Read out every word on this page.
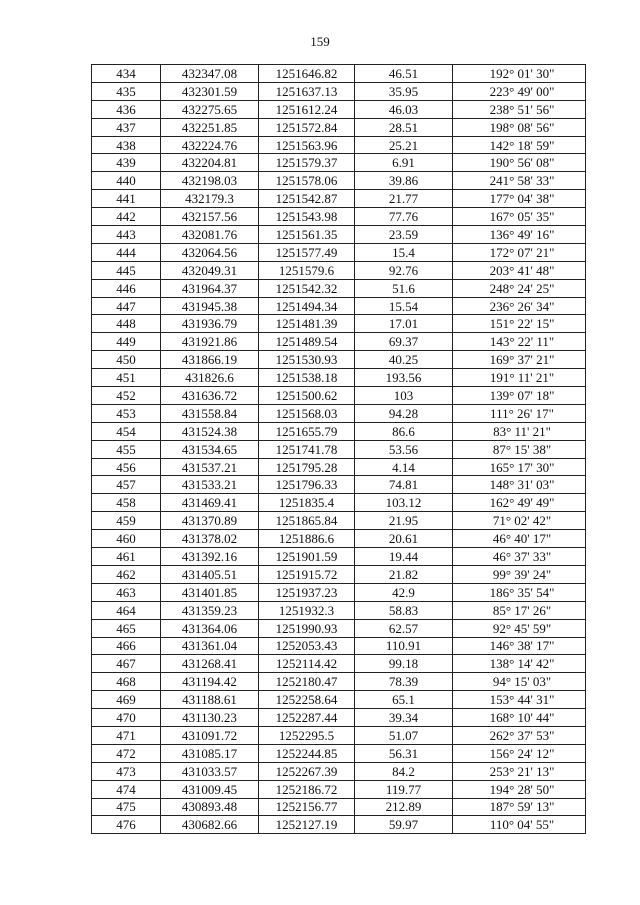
159
434	432347.08	1251646.82	46.51	192° 01' 30"
435	432301.59	1251637.13	35.95	223° 49' 00"
436	432275.65	1251612.24	46.03	238° 51' 56"
437	432251.85	1251572.84	28.51	198° 08' 56"
438	432224.76	1251563.96	25.21	142° 18' 59"
439	432204.81	1251579.37	6.91	190° 56' 08"
440	432198.03	1251578.06	39.86	241° 58' 33"
441	432179.3	1251542.87	21.77	177° 04' 38"
442	432157.56	1251543.98	77.76	167° 05' 35"
443	432081.76	1251561.35	23.59	136° 49' 16"
444	432064.56	1251577.49	15.4	172° 07' 21"
445	432049.31	1251579.6	92.76	203° 41' 48"
446	431964.37	1251542.32	51.6	248° 24' 25"
447	431945.38	1251494.34	15.54	236° 26' 34"
448	431936.79	1251481.39	17.01	151° 22' 15"
449	431921.86	1251489.54	69.37	143° 22' 11"
450	431866.19	1251530.93	40.25	169° 37' 21"
451	431826.6	1251538.18	193.56	191° 11' 21"
452	431636.72	1251500.62	103	139° 07' 18"
453	431558.84	1251568.03	94.28	111° 26' 17"
454	431524.38	1251655.79	86.6	83° 11' 21"
455	431534.65	1251741.78	53.56	87° 15' 38"
456	431537.21	1251795.28	4.14	165° 17' 30"
457	431533.21	1251796.33	74.81	148° 31' 03"
458	431469.41	1251835.4	103.12	162° 49' 49"
459	431370.89	1251865.84	21.95	71° 02' 42"
460	431378.02	1251886.6	20.61	46° 40' 17"
461	431392.16	1251901.59	19.44	46° 37' 33"
462	431405.51	1251915.72	21.82	99° 39' 24"
463	431401.85	1251937.23	42.9	186° 35' 54"
464	431359.23	1251932.3	58.83	85° 17' 26"
465	431364.06	1251990.93	62.57	92° 45' 59"
466	431361.04	1252053.43	110.91	146° 38' 17"
467	431268.41	1252114.42	99.18	138° 14' 42"
468	431194.42	1252180.47	78.39	94° 15' 03"
469	431188.61	1252258.64	65.1	153° 44' 31"
470	431130.23	1252287.44	39.34	168° 10' 44"
471	431091.72	1252295.5	51.07	262° 37' 53"
472	431085.17	1252244.85	56.31	156° 24' 12"
473	431033.57	1252267.39	84.2	253° 21' 13"
474	431009.45	1252186.72	119.77	194° 28' 50"
475	430893.48	1252156.77	212.89	187° 59' 13"
476	430682.66	1252127.19	59.97	110° 04' 55"
